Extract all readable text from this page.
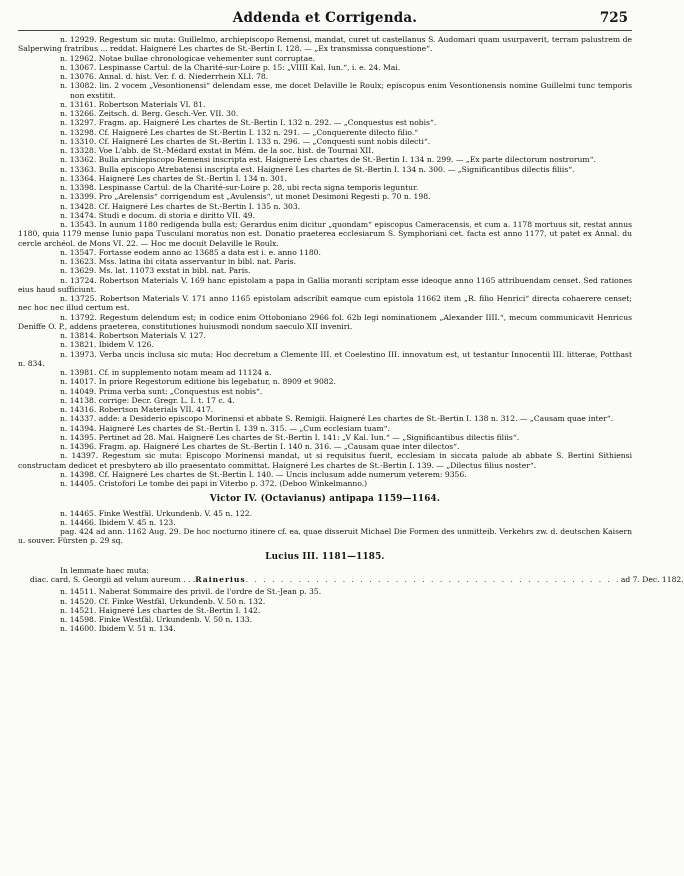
Addenda et Corrigenda.	725
n. 12929. Regestum sic muta: Guillelmo, archiepiscopo Remensi, mandat, curet ut castellanus S. Audomari quam usurpaverit, terram palustrem de Salperwing fratribus ... reddat. Haigneré Les chartes de St.-Bertin I. 128. — „Ex transmissa conquestione“.
n. 12962. Notae bullae chronologicae vehementer sunt corruptae.
n. 13067. Lespinasse Cartul. de la Charité-sur-Loire p. 15: „VIIII Kal. Iun.“, i. e. 24. Mai.
n. 13076. Annal. d. hist. Ver. f. d. Niederrhein XLI. 78.
n. 13082. lin. 2 vocem „Vesontionensi“ delendam esse, me docet Delaville le Roulx; episcopus enim Vesontionensis nomine Guillelmi tunc temporis non exstitit.
n. 13161. Robertson Materials VI. 81.
n. 13266. Zeitsch. d. Berg. Gesch.-Ver. VII. 30.
n. 13297. Fragm. ap. Haigneré Les chartes de St.-Bertin I. 132 n. 292. — „Conquestus est nobis“.
n. 13298. Cf. Haigneré Les chartes de St.-Bertin I. 132 n. 291. — „Conquerente dilecto filio.“
n. 13310. Cf. Haigneré Les chartes de St.-Bertin I. 133 n. 296. — „Conquesti sunt nobis dilecti“.
n. 13328. Voe L'abb. de St.-Médard exstat in Mém. de la soc. hist. de Tournai XII.
n. 13362. Bulla archiepiscopo Remensi inscripta est. Haigneré Les chartes de St.-Bertin I. 134 n. 299. — „Ex parte dilectorum nostrorum“.
n. 13363. Bulla episcopo Atrebatensi inscripta est. Haigneré Les chartes de St.-Bertin I. 134 n. 300. — „Significantibus dilectis filiis“.
n. 13364. Haigneré Les chartes de St.-Bertin I. 134 n. 301.
n. 13398. Lespinasse Cartul. de la Charité-sur-Loire p. 28, ubi recta signa temporis leguntur.
n. 13399. Pro „Arelensis“ corrigendum est „Avulensis“, ut monet Desimoni Regesti p. 70 n. 198.
n. 13428. Cf. Haigneré Les chartes de St.-Bertin I. 135 n. 303.
n. 13474. Studi e docum. di storia e diritto VII. 49.
n. 13543. In aunum 1180 redigenda bulla est; Gerardus enim dicitur „quondam“ episcopus Cameracensis, et cum a. 1178 mortuus sit, restat annus 1180, quia 1179 mense Iunio papa Tusculani moratus non est. Donatio praeterea ecclesiarum S. Symphoriani cet. facta est anno 1177, ut patet ex Annal. du cercle archéol. de Mons VI. 22. — Hoc me docuit Delaville le Roulx.
n. 13547. Fortasse eodem anno ac 13685 a data est i. e. anno 1180.
n. 13623. Mss. latina ibi citata asservantur in bibl. nat. Paris.
n. 13629. Ms. lat. 11073 exstat in bibl. nat. Paris.
n. 13724. Robertson Materials V. 169 hanc epistolam a papa in Gallia moranti scriptam esse ideoque anno 1165 attribuendam censet. Sed rationes eius haud sufficiunt.
n. 13725. Robertson Materials V. 171 anno 1165 epistolam adscribit eamque cum epistola 11662 item „R. filio Henrici“ directa cohaerere censet; nec hoc nec illud certum est.
n. 13792. Regestum delendum est; in codice enim Ottoboniano 2966 fol. 62b legi nominationem „Alexander IIII.“, mecum communicavit Henricus Deniffe O. P., addens praeterea, constitutiones huiusmodi nondum saeculo XII inveniri.
n. 13814. Robertson Materials V. 127.
n. 13821. Ibidem V. 126.
n. 13973. Verba uncis inclusa sic muta: Hoc decretum a Clemente III. et Coelestino III. innovatum est, ut testantur Innocentii III. litterae, Potthast n. 834.
n. 13981. Cf. in supplemento notam meam ad 11124 a.
n. 14017. In priore Regestorum editione bis legebatur, n. 8909 et 9082.
n. 14049. Prima verba sunt: „Conquestus est nobis“.
n. 14138. corrige: Decr. Gregr. L. I. t. 17 c. 4.
n. 14316. Robertson Materials VII. 417.
n. 14337. adde: a Desiderio episcopo Morinensi et abbate S. Remigii. Haigneré Les chartes de St.-Bertin I. 138 n. 312. — „Causam quae inter“.
n. 14394. Haigneré Les chartes de St.-Bertin I. 139 n. 315. — „Cum ecclesiam tuam“.
n. 14395. Pertinet ad 28. Mai. Haigneré Les chartes de St.-Bertin I. 141: „V Kal. Iun.“ — „Significantibus dilectis filiis“.
n. 14396. Fragm. ap. Haigneré Les chartes de St.-Bertin I. 140 n. 316. — „Causam quae inter dilectos“.
n. 14397. Regestum sic muta: Episcopo Morinensi mandat, ut si requisitus fuerit, ecclesiam in siccata palude ab abbate S. Bertini Sithiensi constructam dedicet et presbytero ab illo praesentato committat. Haigneré Les chartes de St.-Bertin I. 139. — „Dilectus filius noster“.
n. 14398. Cf. Haigneré Les chartes de St.-Bertin I. 140. — Uncis inclusum adde numerum veterem: 9356.
n. 14405. Cristofori Le tombe dei papi in Viterbo p. 372. (Deboo Winkelmanno.)
Victor IV. (Octavianus) antipapa 1159—1164.
n. 14465. Finke Westfäl. Urkundenb. V. 45 n. 122.
n. 14466. Ibidem V. 45 n. 123.
pag. 424 ad ann. 1162 Aug. 29. De hoc nocturno itinere cf. ea, quae disseruit Michael Die Formen des unmitteib. Verkehrs zw. d. deutschen Kaisern u. souver. Fürsten p. 29 sq.
Lucius III. 1181—1185.
In lemmate haec muta:
diac. card. S. Georgii ad velum aureum . . . Rainerius . . . . . . . . . . . . . . . . . . . . . . . . . . . . . . . . . . . . . . . . . . . ad 7. Dec. 1182.
n. 14511. Naberat Sommaire des privil. de l'ordre de St.-Jean p. 35.
n. 14520. Cf. Finke Westfäl. Urkundenb. V. 50 n. 132.
n. 14521. Haigneré Les chartes de St.-Bertin I. 142.
n. 14598. Finke Westfäl. Urkundenb. V. 50 n. 133.
n. 14600. Ibidem V. 51 n. 134.
